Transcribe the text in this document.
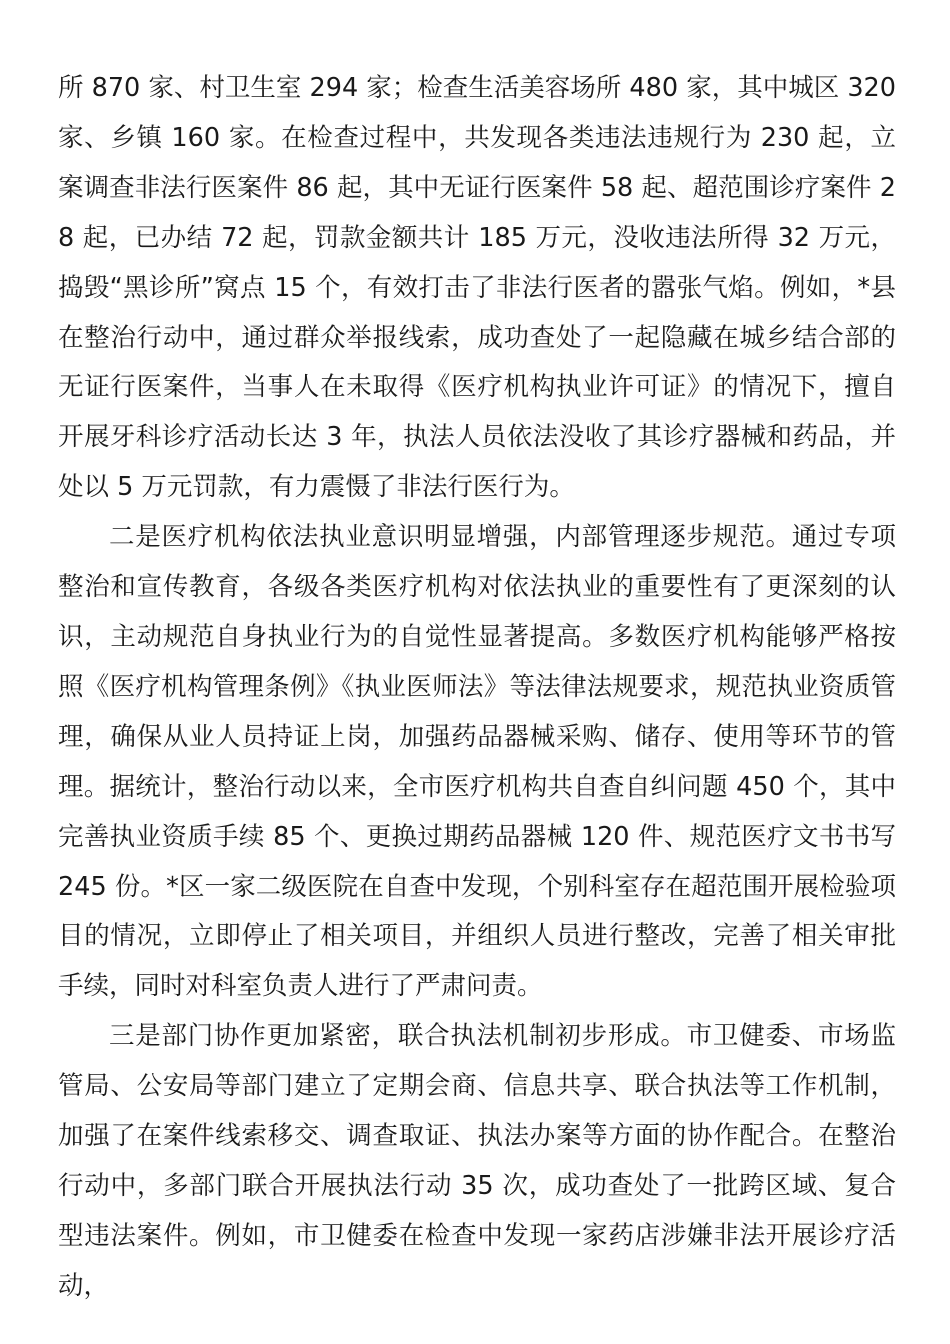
所 870 家、村卫生室 294 家；检查生活美容场所 480 家，其中城区 320 家、乡镇 160 家。在检查过程中，共发现各类违法违规行为 230 起，立案调查非法行医案件 86 起，其中无证行医案件 58 起、超范围诊疗案件 28 起，已办结 72 起，罚款金额共计 185 万元，没收违法所得 32 万元，捣毁“黑诊所”窝点 15 个，有效打击了非法行医者的嚣张气焰。例如，*县在整治行动中，通过群众举报线索，成功查处了一起隐藏在城乡结合部的无证行医案件，当事人在未取得《医疗机构执业许可证》的情况下，擅自开展牙科诊疗活动长达 3 年，执法人员依法没收了其诊疗器械和药品，并处以 5 万元罚款，有力震慑了非法行医行为。

二是医疗机构依法执业意识明显增强，内部管理逐步规范。通过专项整治和宣传教育，各级各类医疗机构对依法执业的重要性有了更深刻的认识，主动规范自身执业行为的自觉性显著提高。多数医疗机构能够严格按照《医疗机构管理条例》《执业医师法》等法律法规要求，规范执业资质管理，确保从业人员持证上岗，加强药品器械采购、储存、使用等环节的管理。据统计，整治行动以来，全市医疗机构共自查自纠问题 450 个，其中完善执业资质手续 85 个、更换过期药品器械 120 件、规范医疗文书书写 245 份。*区一家二级医院在自查中发现，个别科室存在超范围开展检验项目的情况，立即停止了相关项目，并组织人员进行整改，完善了相关审批手续，同时对科室负责人进行了严肃问责。

三是部门协作更加紧密，联合执法机制初步形成。市卫健委、市场监管局、公安局等部门建立了定期会商、信息共享、联合执法等工作机制，加强了在案件线索移交、调查取证、执法办案等方面的协作配合。在整治行动中，多部门联合开展执法行动 35 次，成功查处了一批跨区域、复合型违法案件。例如，市卫健委在检查中发现一家药店涉嫌非法开展诊疗活动，
